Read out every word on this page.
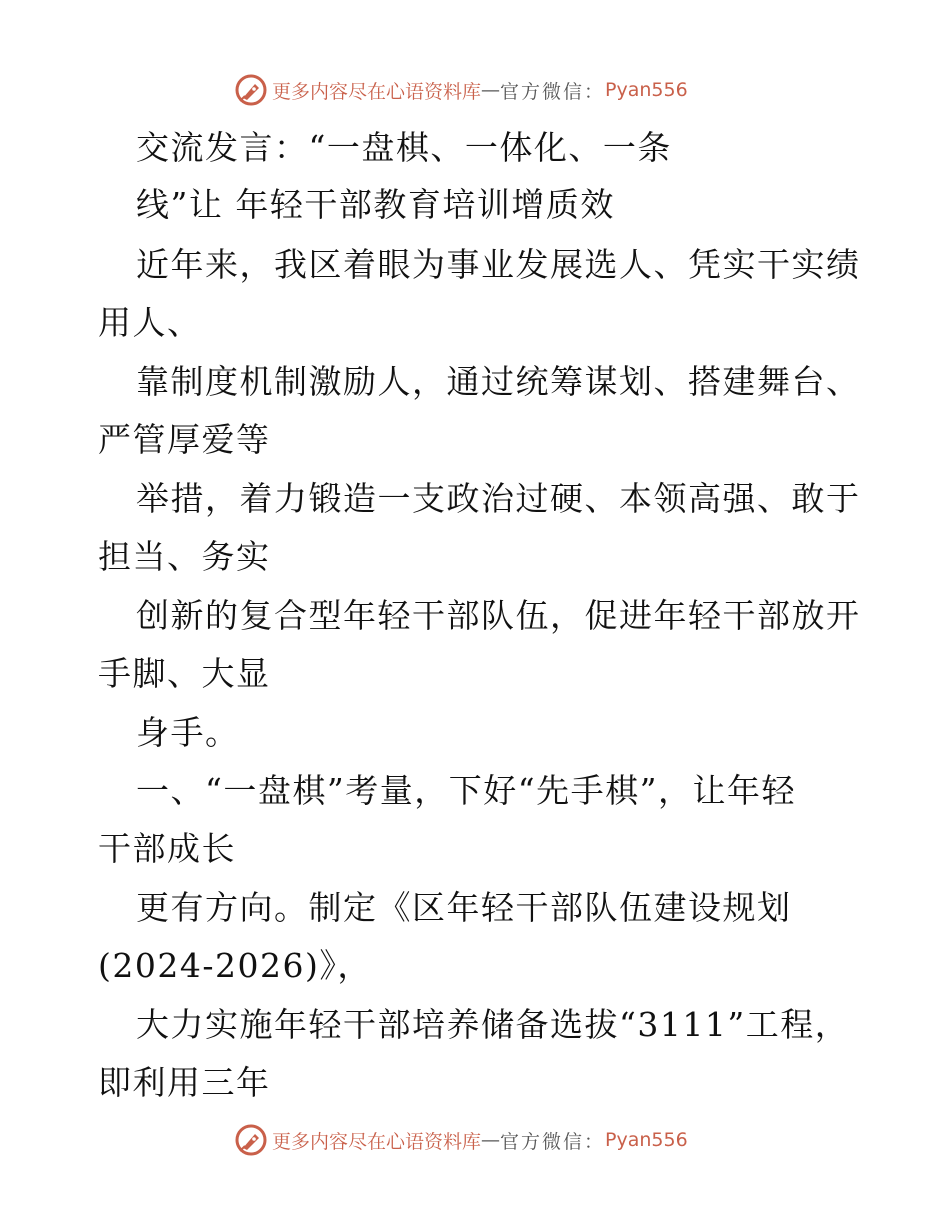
更多内容尽在心语资料库 — 官方微信： Pyan556
交流发言：“一盘棋、一体化、一条
线”让 年轻干部教育培训增质效
近年来，我区着眼为事业发展选人、凭实干实绩
用人、
靠制度机制激励人，通过统筹谋划、搭建舞台、
严管厚爱等
举措，着力锻造一支政治过硬、本领高强、敢于
担当、务实
创新的复合型年轻干部队伍，促进年轻干部放开
手脚、大显
身手。
一、“一盘棋”考量，下好“先手棋”，让年轻
干部成长
更有方向。制定《区年轻干部队伍建设规划
(2024-2026)》，
大力实施年轻干部培养储备选拔“3111”工程，
即利用三年
更多内容尽在心语资料库 — 官方微信： Pyan556
